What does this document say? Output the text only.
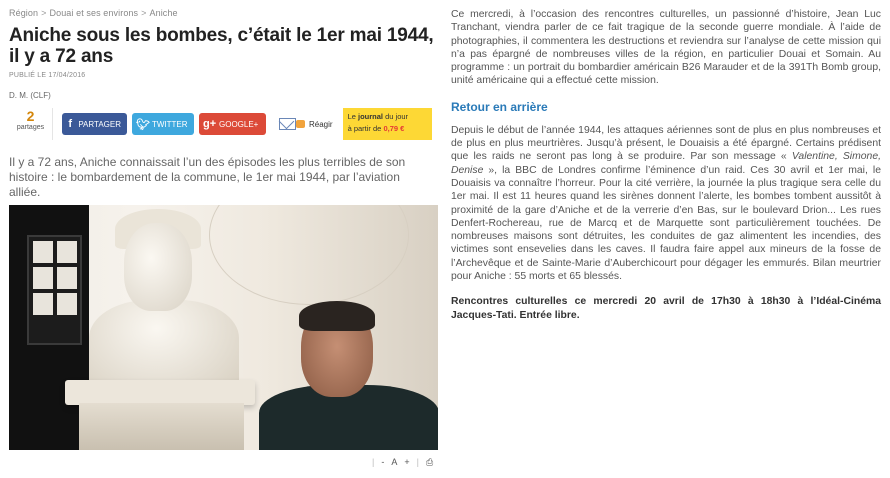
Région > Douai et ses environs > Aniche
Aniche sous les bombes, c’était le 1er mai 1944, il y a 72 ans
PUBLIÉ LE 17/04/2016
D. M. (CLF)
2
partages	f PARTAGER 🐦︎ TWITTER g+ GOOGLE+	Réagir
Le journal du jour
à partir de 0,79 €

Il y a 72 ans, Aniche connaissait l’un des épisodes les plus terribles de son histoire : le bombardement de la commune, le 1er mai 1944, par l’aviation alliée.

| - A + | ⎙

Ce mercredi, à l’occasion des rencontres culturelles, un passionné d’histoire, Jean Luc Tranchant, viendra parler de ce fait tragique de la seconde guerre mondiale. À l’aide de photographies, il commentera les destructions et reviendra sur l’analyse de cette mission qui n’a pas épargné de nombreuses villes de la région, en particulier Douai et Somain. Au programme : un portrait du bombardier américain B26 Marauder et de la 391Th Bomb group, unité américaine qui a effectué cette mission.

Retour en arrière

Depuis le début de l’année 1944, les attaques aériennes sont de plus en plus nombreuses et de plus en plus meurtrières. Jusqu’à présent, le Douaisis a été épargné. Certains prédisent que les raids ne seront pas long à se produire. Par son message « Valentine, Simone, Denise », la BBC de Londres confirme l’éminence d’un raid. Ces 30 avril et 1er mai, le Douaisis va connaître l’horreur. Pour la cité verrière, la journée la plus tragique sera celle du 1er mai. Il est 11 heures quand les sirènes donnent l’alerte, les bombes tombent aussitôt à proximité de la gare d’Aniche et de la verrerie d’en Bas, sur le boulevard Drion... Les rues Denfert-Rochereau, rue de Marcq et de Marquette sont particulièrement touchées. De nombreuses maisons sont détruites, les conduites de gaz alimentent les incendies, des victimes sont ensevelies dans les caves. Il faudra faire appel aux mineurs de la fosse de l’Archevêque et de Sainte-Marie d’Auberchicourt pour dégager les emmurés. Bilan meurtrier pour Aniche : 55 morts et 65 blessés.

Rencontres culturelles ce mercredi 20 avril de 17h30 à 18h30 à l’Idéal-Cinéma Jacques-Tati. Entrée libre.
